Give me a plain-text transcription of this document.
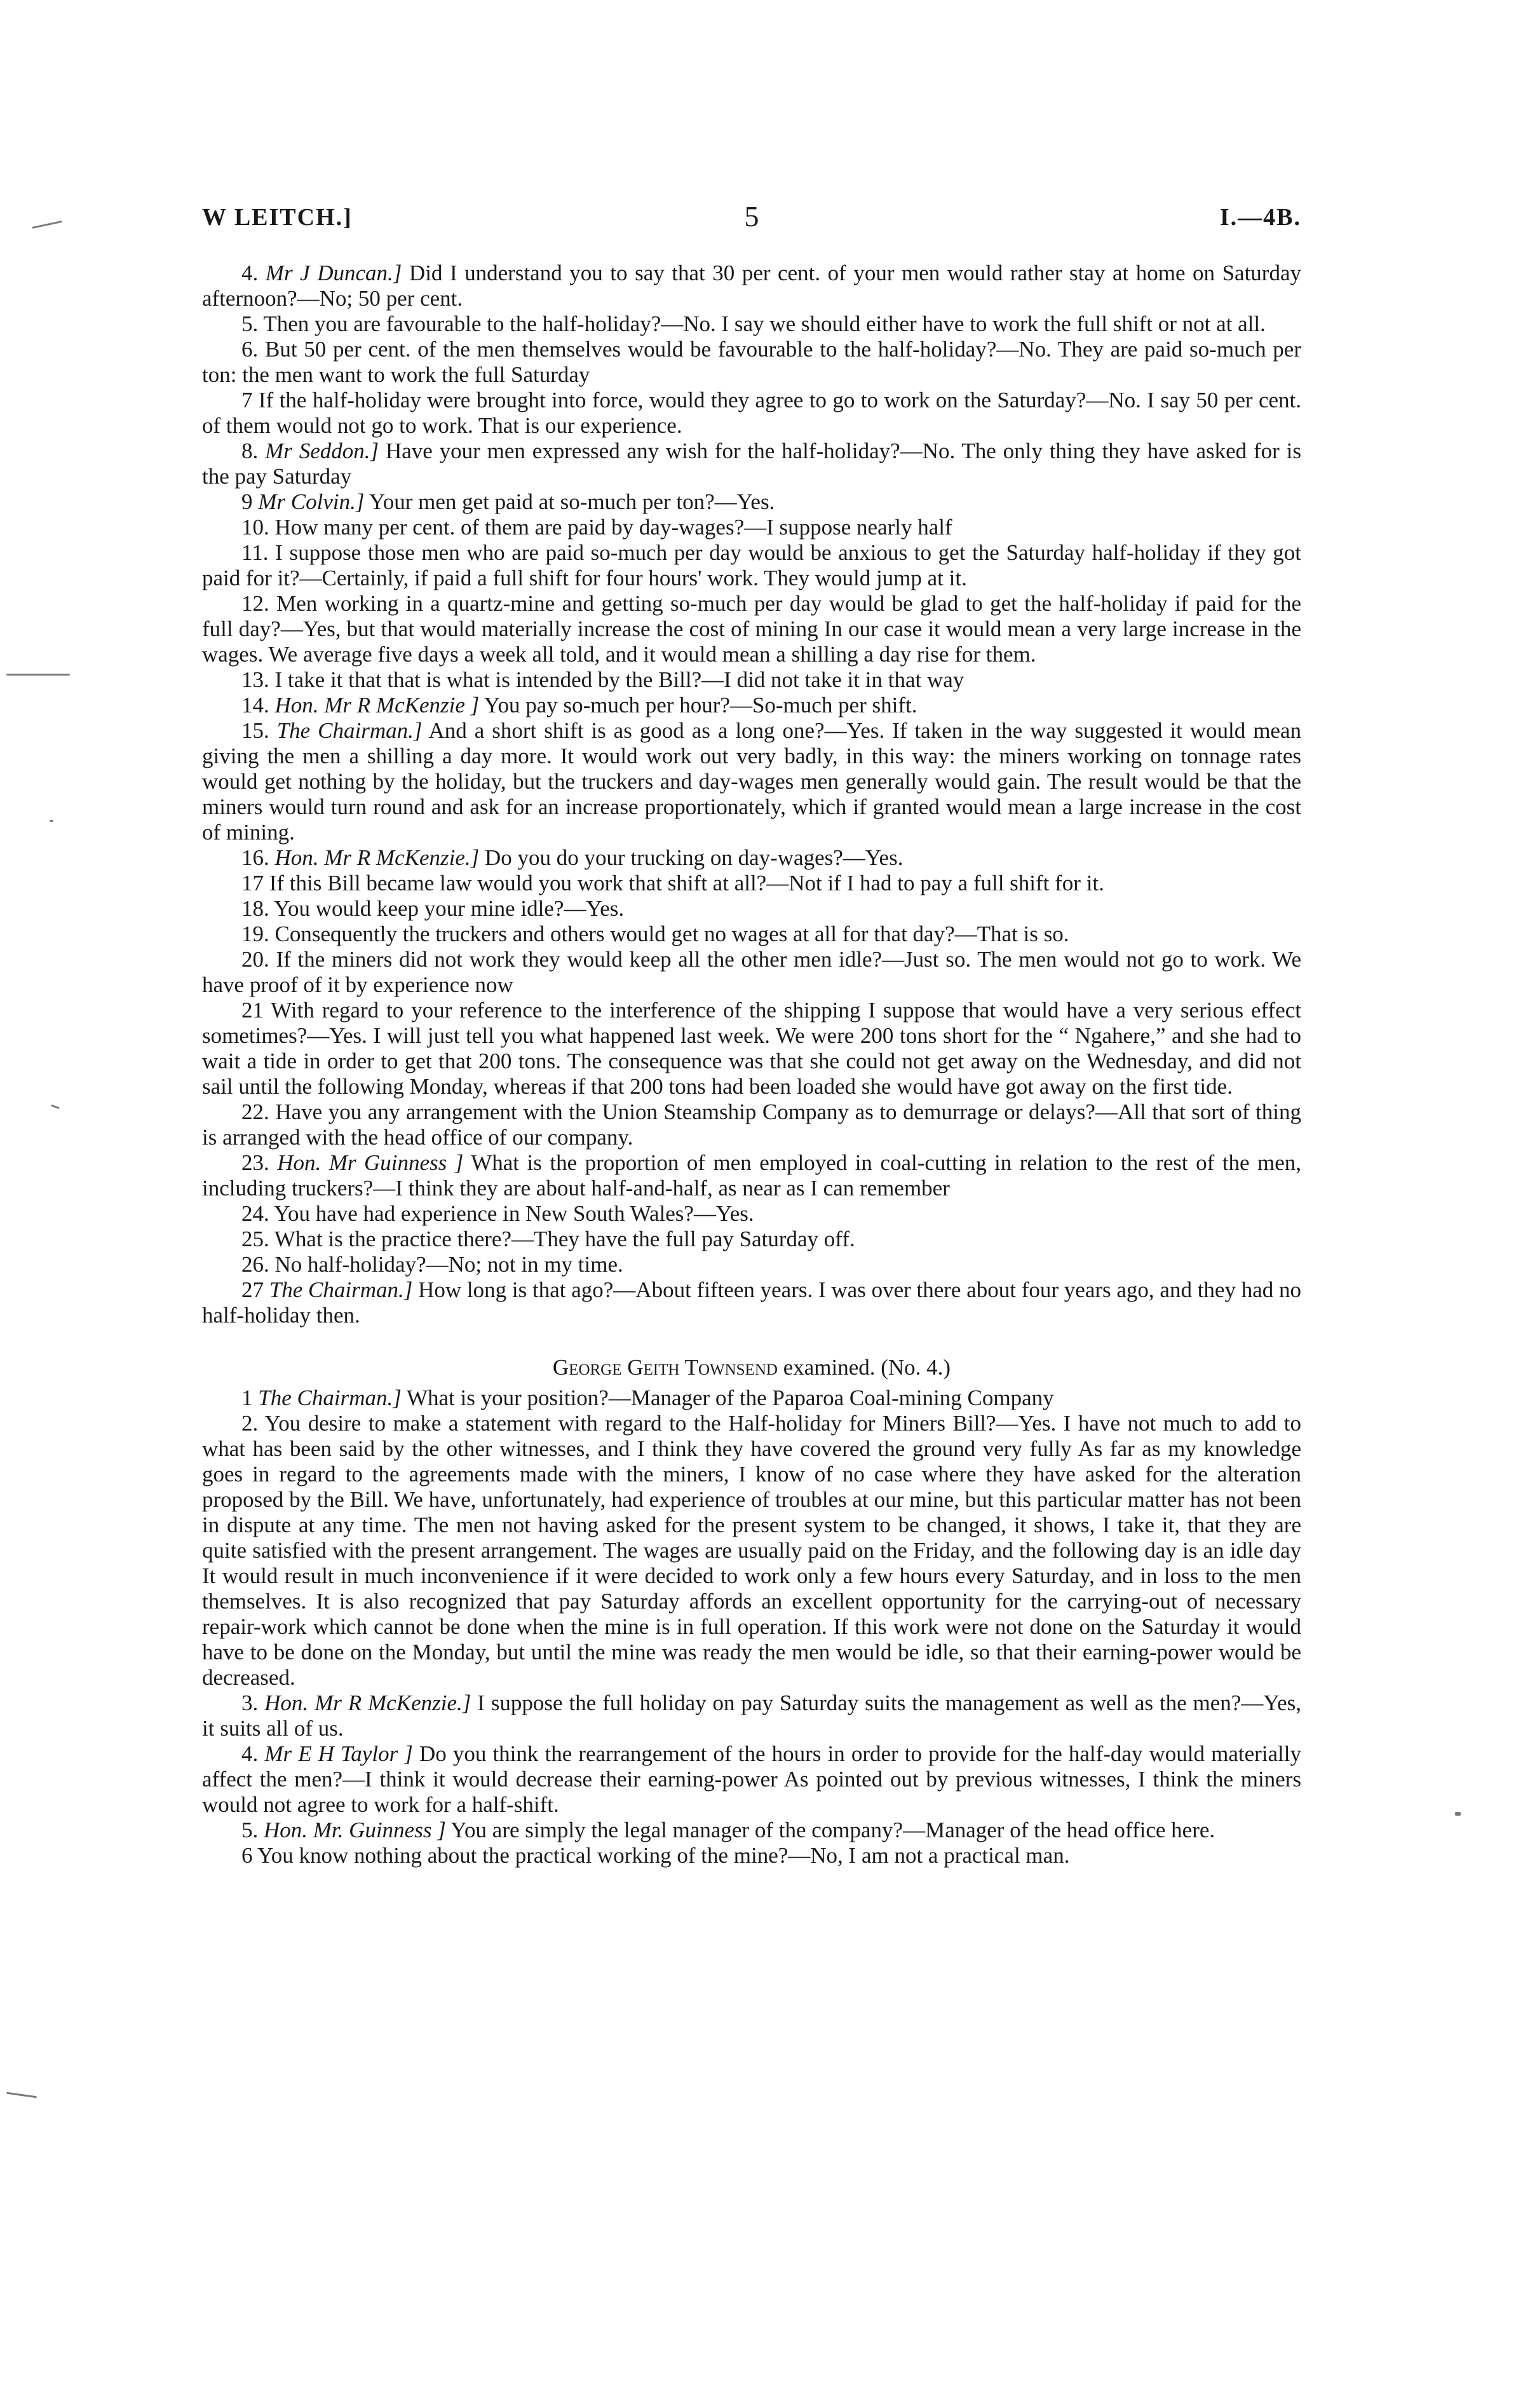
5
W LEITCH.]	I.—4B.

4. Mr J Duncan.] Did I understand you to say that 30 per cent. of your men would rather stay at home on Saturday afternoon?—No; 50 per cent.

5. Then you are favourable to the half-holiday?—No. I say we should either have to work the full shift or not at all.

6. But 50 per cent. of the men themselves would be favourable to the half-holiday?—No. They are paid so-much per ton: the men want to work the full Saturday

7 If the half-holiday were brought into force, would they agree to go to work on the Saturday?—No. I say 50 per cent. of them would not go to work. That is our experience.

8. Mr Seddon.] Have your men expressed any wish for the half-holiday?—No. The only thing they have asked for is the pay Saturday

9 Mr Colvin.] Your men get paid at so-much per ton?—Yes.

10. How many per cent. of them are paid by day-wages?—I suppose nearly half

11. I suppose those men who are paid so-much per day would be anxious to get the Saturday half-holiday if they got paid for it?—Certainly, if paid a full shift for four hours' work. They would jump at it.

12. Men working in a quartz-mine and getting so-much per day would be glad to get the half-holiday if paid for the full day?—Yes, but that would materially increase the cost of mining In our case it would mean a very large increase in the wages. We average five days a week all told, and it would mean a shilling a day rise for them.

13. I take it that that is what is intended by the Bill?—I did not take it in that way

14. Hon. Mr R McKenzie ] You pay so-much per hour?—So-much per shift.

15. The Chairman.] And a short shift is as good as a long one?—Yes. If taken in the way suggested it would mean giving the men a shilling a day more. It would work out very badly, in this way: the miners working on tonnage rates would get nothing by the holiday, but the truckers and day-wages men generally would gain. The result would be that the miners would turn round and ask for an increase proportionately, which if granted would mean a large increase in the cost of mining.

16. Hon. Mr R McKenzie.] Do you do your trucking on day-wages?—Yes.

17 If this Bill became law would you work that shift at all?—Not if I had to pay a full shift for it.

18. You would keep your mine idle?—Yes.

19. Consequently the truckers and others would get no wages at all for that day?—That is so.

20. If the miners did not work they would keep all the other men idle?—Just so. The men would not go to work. We have proof of it by experience now

21 With regard to your reference to the interference of the shipping I suppose that would have a very serious effect sometimes?—Yes. I will just tell you what happened last week. We were 200 tons short for the “ Ngahere,” and she had to wait a tide in order to get that 200 tons. The consequence was that she could not get away on the Wednesday, and did not sail until the following Monday, whereas if that 200 tons had been loaded she would have got away on the first tide.

22. Have you any arrangement with the Union Steamship Company as to demurrage or delays?—All that sort of thing is arranged with the head office of our company.

23. Hon. Mr Guinness ] What is the proportion of men employed in coal-cutting in relation to the rest of the men, including truckers?—I think they are about half-and-half, as near as I can remember

24. You have had experience in New South Wales?—Yes.

25. What is the practice there?—They have the full pay Saturday off.

26. No half-holiday?—No; not in my time.

27 The Chairman.] How long is that ago?—About fifteen years. I was over there about four years ago, and they had no half-holiday then.

George Geith Townsend examined. (No. 4.)

1 The Chairman.] What is your position?—Manager of the Paparoa Coal-mining Company

2. You desire to make a statement with regard to the Half-holiday for Miners Bill?—Yes. I have not much to add to what has been said by the other witnesses, and I think they have covered the ground very fully As far as my knowledge goes in regard to the agreements made with the miners, I know of no case where they have asked for the alteration proposed by the Bill. We have, unfortunately, had experience of troubles at our mine, but this particular matter has not been in dispute at any time. The men not having asked for the present system to be changed, it shows, I take it, that they are quite satisfied with the present arrangement. The wages are usually paid on the Friday, and the following day is an idle day It would result in much inconvenience if it were decided to work only a few hours every Saturday, and in loss to the men themselves. It is also recognized that pay Saturday affords an excellent opportunity for the carrying-out of necessary repair-work which cannot be done when the mine is in full operation. If this work were not done on the Saturday it would have to be done on the Monday, but until the mine was ready the men would be idle, so that their earning-power would be decreased.

3. Hon. Mr R McKenzie.] I suppose the full holiday on pay Saturday suits the management as well as the men?—Yes, it suits all of us.

4. Mr E H Taylor ] Do you think the rearrangement of the hours in order to provide for the half-day would materially affect the men?—I think it would decrease their earning-power As pointed out by previous witnesses, I think the miners would not agree to work for a half-shift.

5. Hon. Mr. Guinness ] You are simply the legal manager of the company?—Manager of the head office here.

6 You know nothing about the practical working of the mine?—No, I am not a practical man.
